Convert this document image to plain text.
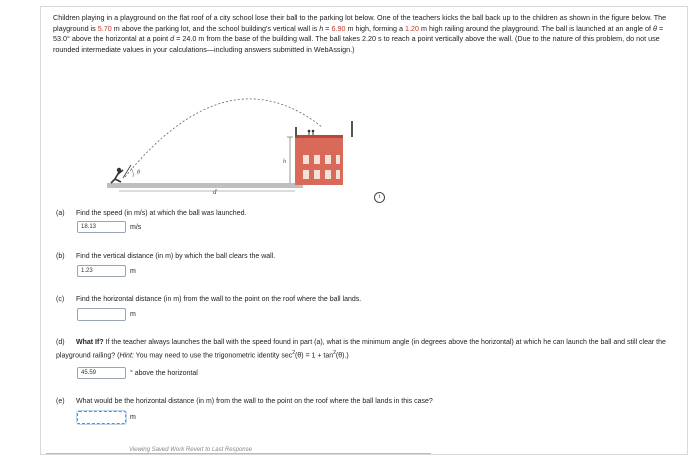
Children playing in a playground on the flat roof of a city school lose their ball to the parking lot below. One of the teachers kicks the ball back up to the children as shown in the figure below. The playground is 5.70 m above the parking lot, and the school building's vertical wall is h = 6.90 m high, forming a 1.20 m high railing around the playground. The ball is launched at an angle of θ = 53.0° above the horizontal at a point d = 24.0 m from the base of the building wall. The ball takes 2.20 s to reach a point vertically above the wall. (Due to the nature of this problem, do not use rounded intermediate values in your calculations—including answers submitted in WebAssign.)
d
θ
h
i
(a) Find the speed (in m/s) at which the ball was launched.
18.13	m/s
(b) Find the vertical distance (in m) by which the ball clears the wall.
1.23	m
(c) Find the horizontal distance (in m) from the wall to the point on the roof where the ball lands.
m
(d) What If? If the teacher always launches the ball with the speed found in part (a), what is the minimum angle (in degrees above the horizontal) at which he can launch the ball and still clear the playground railing? (Hint: You may need to use the trigonometric identity $\sec^2(\theta) = 1 + \tan^2(\theta)$.)
45.59	° above the horizontal
(e) What would be the horizontal distance (in m) from the wall to the point on the roof where the ball lands in this case?
m
Viewing Saved Work Revert to Last Response
